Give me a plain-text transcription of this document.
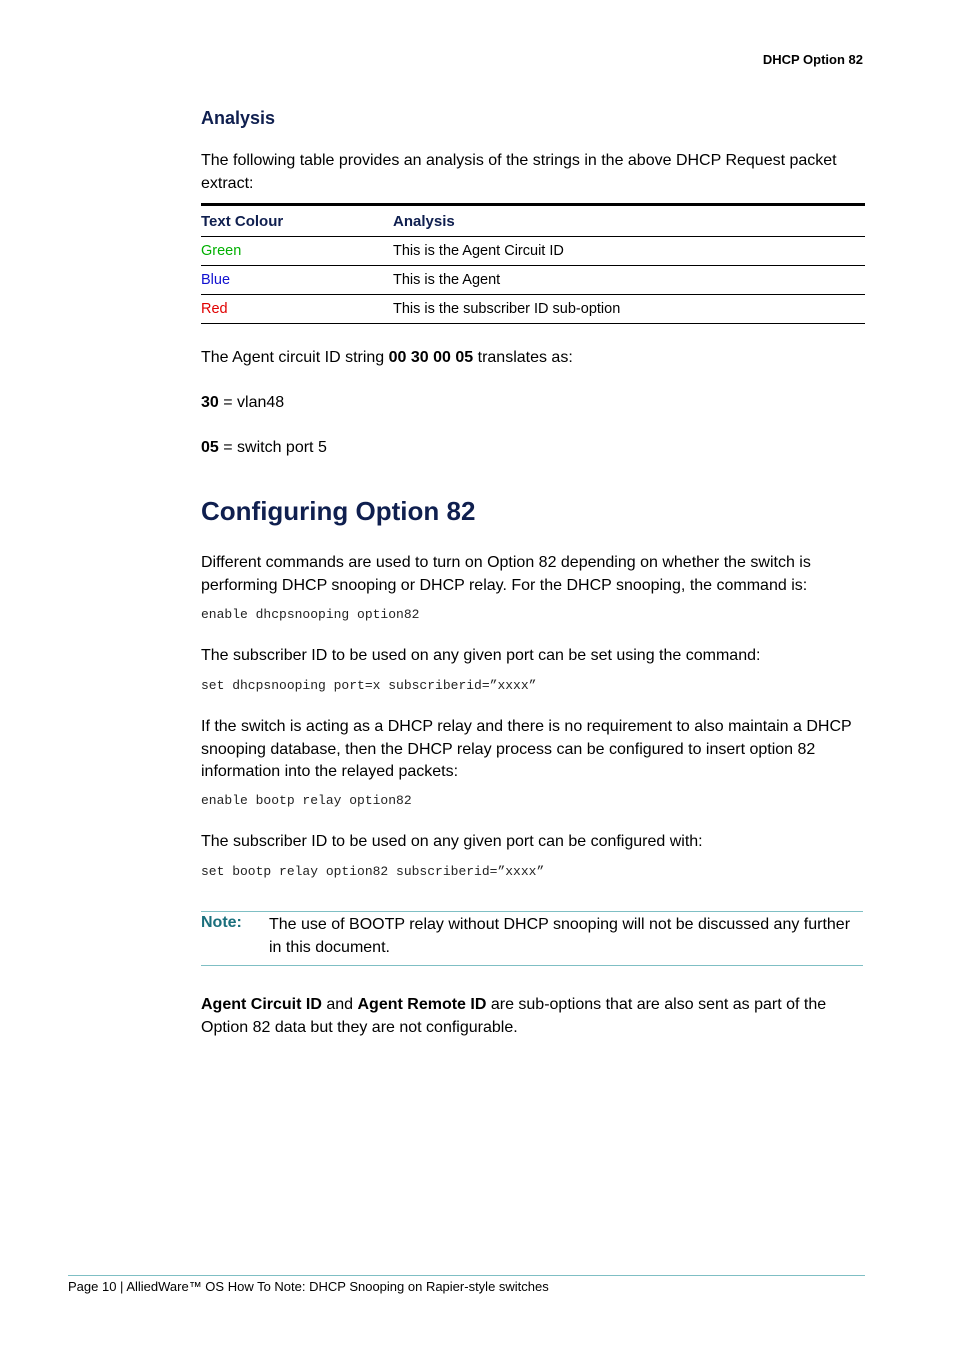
DHCP Option 82
Analysis
The following table provides an analysis of the strings in the above DHCP Request packet extract:
Text Colour	Analysis
Green	This is the Agent Circuit ID
Blue	This is the Agent
Red	This is the subscriber ID sub-option
The Agent circuit ID string 00 30 00 05 translates as:
30 = vlan48
05 = switch port 5
Configuring Option 82
Different commands are used to turn on Option 82 depending on whether the switch is performing DHCP snooping or DHCP relay. For the DHCP snooping, the command is:
enable dhcpsnooping option82
The subscriber ID to be used on any given port can be set using the command:
set dhcpsnooping port=x subscriberid=”xxxx”
If the switch is acting as a DHCP relay and there is no requirement to also maintain a DHCP snooping database, then the DHCP relay process can be configured to insert option 82 information into the relayed packets:
enable bootp relay option82
The subscriber ID to be used on any given port can be configured with:
set bootp relay option82 subscriberid=”xxxx”
Note: The use of BOOTP relay without DHCP snooping will not be discussed any further in this document.
Agent Circuit ID and Agent Remote ID are sub-options that are also sent as part of the Option 82 data but they are not configurable.
Page 10 | AlliedWare™ OS How To Note: DHCP Snooping on Rapier-style switches
